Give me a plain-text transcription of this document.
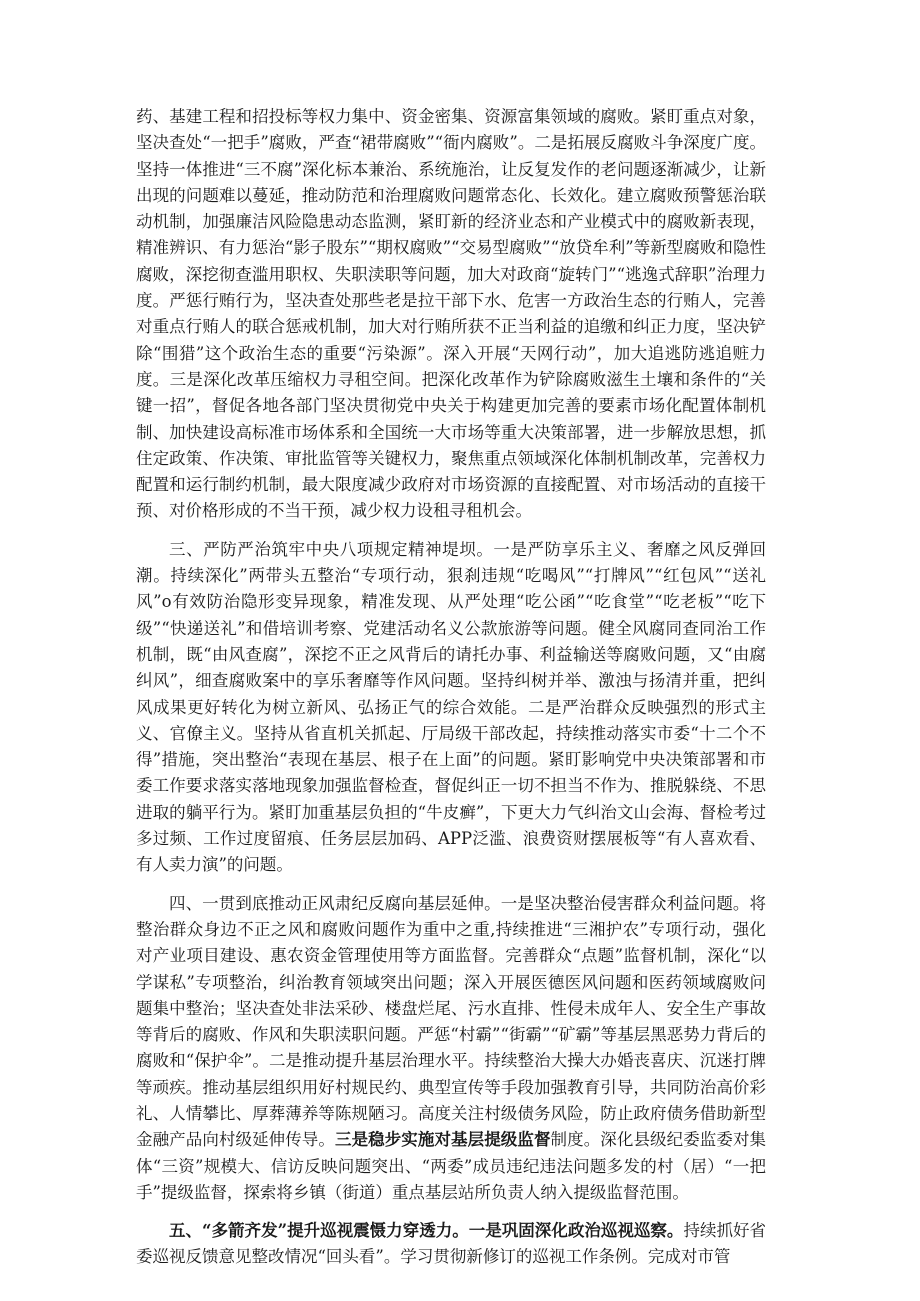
药、基建工程和招投标等权力集中、资金密集、资源富集领域的腐败。紧盯重点对象，坚决查处“一把手”腐败，严查“裙带腐败”“衙内腐败”。二是拓展反腐败斗争深度广度。坚持一体推进“三不腐”深化标本兼治、系统施治，让反复发作的老问题逐渐减少，让新出现的问题难以蔓延，推动防范和治理腐败问题常态化、长效化。建立腐败预警惩治联动机制，加强廉洁风险隐患动态监测，紧盯新的经济业态和产业模式中的腐败新表现，精准辨识、有力惩治“影子股东”“期权腐败”“交易型腐败”“放贷牟利”等新型腐败和隐性腐败，深挖彻查滥用职权、失职渎职等问题，加大对政商“旋转门”“逃逸式辞职”治理力度。严惩行贿行为，坚决查处那些老是拉干部下水、危害一方政治生态的行贿人，完善对重点行贿人的联合惩戒机制，加大对行贿所获不正当利益的追缴和纠正力度，坚决铲除“围猎”这个政治生态的重要“污染源”。深入开展“天网行动”，加大追逃防逃追赃力度。三是深化改革压缩权力寻租空间。把深化改革作为铲除腐败滋生土壤和条件的“关键一招”，督促各地各部门坚决贯彻党中央关于构建更加完善的要素市场化配置体制机制、加快建设高标准市场体系和全国统一大市场等重大决策部署，进一步解放思想，抓住定政策、作决策、审批监管等关键权力，聚焦重点领域深化体制机制改革，完善权力配置和运行制约机制，最大限度减少政府对市场资源的直接配置、对市场活动的直接干预、对价格形成的不当干预，减少权力设租寻租机会。

三、严防严治筑牢中央八项规定精神堤坝。一是严防享乐主义、奢靡之风反弹回潮。持续深化”两带头五整治“专项行动，狠刹违规“吃喝风”“打牌风”“红包风”“送礼风”o有效防治隐形变异现象，精准发现、从严处理“吃公函”“吃食堂”“吃老板”“吃下级”“快递送礼”和借培训考察、党建活动名义公款旅游等问题。健全风腐同查同治工作机制，既“由风查腐”，深挖不正之风背后的请托办事、利益输送等腐败问题，又“由腐纠风”，细查腐败案中的享乐奢靡等作风问题。坚持纠树并举、激浊与扬清并重，把纠风成果更好转化为树立新风、弘扬正气的综合效能。二是严治群众反映强烈的形式主义、官僚主义。坚持从省直机关抓起、厅局级干部改起，持续推动落实市委“十二个不得”措施，突出整治“表现在基层、根子在上面”的问题。紧盯影响党中央决策部署和市委工作要求落实落地现象加强监督检查，督促纠正一切不担当不作为、推脱躲绕、不思进取的躺平行为。紧盯加重基层负担的“牛皮癣”，下更大力气纠治文山会海、督检考过多过频、工作过度留痕、任务层层加码、APP泛滥、浪费资财摆展板等“有人喜欢看、有人卖力演”的问题。

四、一贯到底推动正风肃纪反腐向基层延伸。一是坚决整治侵害群众利益问题。将整治群众身边不正之风和腐败问题作为重中之重,持续推进“三湘护农”专项行动，强化对产业项目建设、惠农资金管理使用等方面监督。完善群众“点题”监督机制，深化“以学谋私”专项整治，纠治教育领域突出问题；深入开展医德医风问题和医药领域腐败问题集中整治；坚决查处非法采砂、楼盘烂尾、污水直排、性侵未成年人、安全生产事故等背后的腐败、作风和失职渎职问题。严惩“村霸”“街霸”“矿霸”等基层黑恶势力背后的腐败和“保护伞”。二是推动提升基层治理水平。持续整治大操大办婚丧喜庆、沉迷打牌等顽疾。推动基层组织用好村规民约、典型宣传等手段加强教育引导，共同防治高价彩礼、人情攀比、厚葬薄养等陈规陋习。高度关注村级债务风险，防止政府债务借助新型金融产品向村级延伸传导。三是稳步实施对基层提级监督制度。深化县级纪委监委对集体“三资”规模大、信访反映问题突出、“两委”成员违纪违法问题多发的村（居）“一把手”提级监督，探索将乡镇（街道）重点基层站所负责人纳入提级监督范围。

五、“多箭齐发”提升巡视震慑力穿透力。一是巩固深化政治巡视巡察。持续抓好省委巡视反馈意见整改情况“回头看”。学习贯彻新修订的巡视工作条例。完成对市管
